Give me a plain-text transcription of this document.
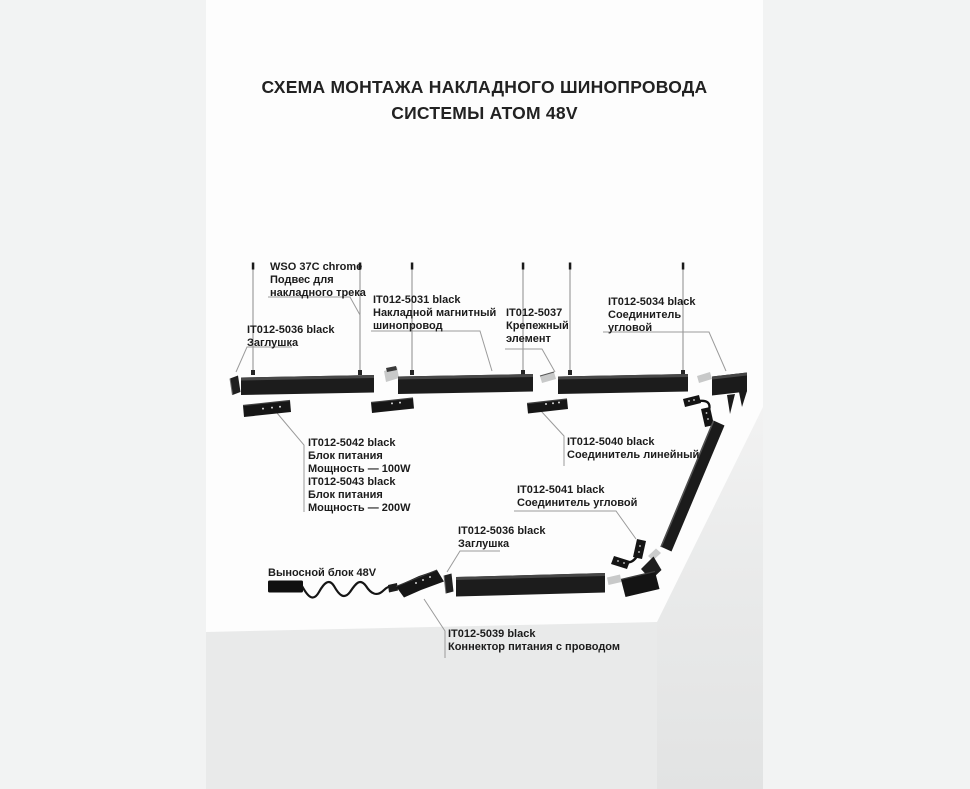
СХЕМА МОНТАЖА НАКЛАДНОГО ШИНОПРОВОДА
СИСТЕМЫ АТОМ 48V
WSO 37C chrome
Подвес для
накладного трека
IT012-5036 black
Заглушка
IT012-5031 black
Накладной магнитный
шинопровод
IT012-5037
Крепежный
элемент
IT012-5034 black
Соединитель
угловой
IT012-5042 black
Блок питания
Мощность — 100W
IT012-5043 black
Блок питания
Мощность — 200W
IT012-5040 black
Соединитель линейный
IT012-5041 black
Соединитель угловой
IT012-5036 black
Заглушка
Выносной блок 48V
IT012-5039 black
Коннектор питания с проводом
